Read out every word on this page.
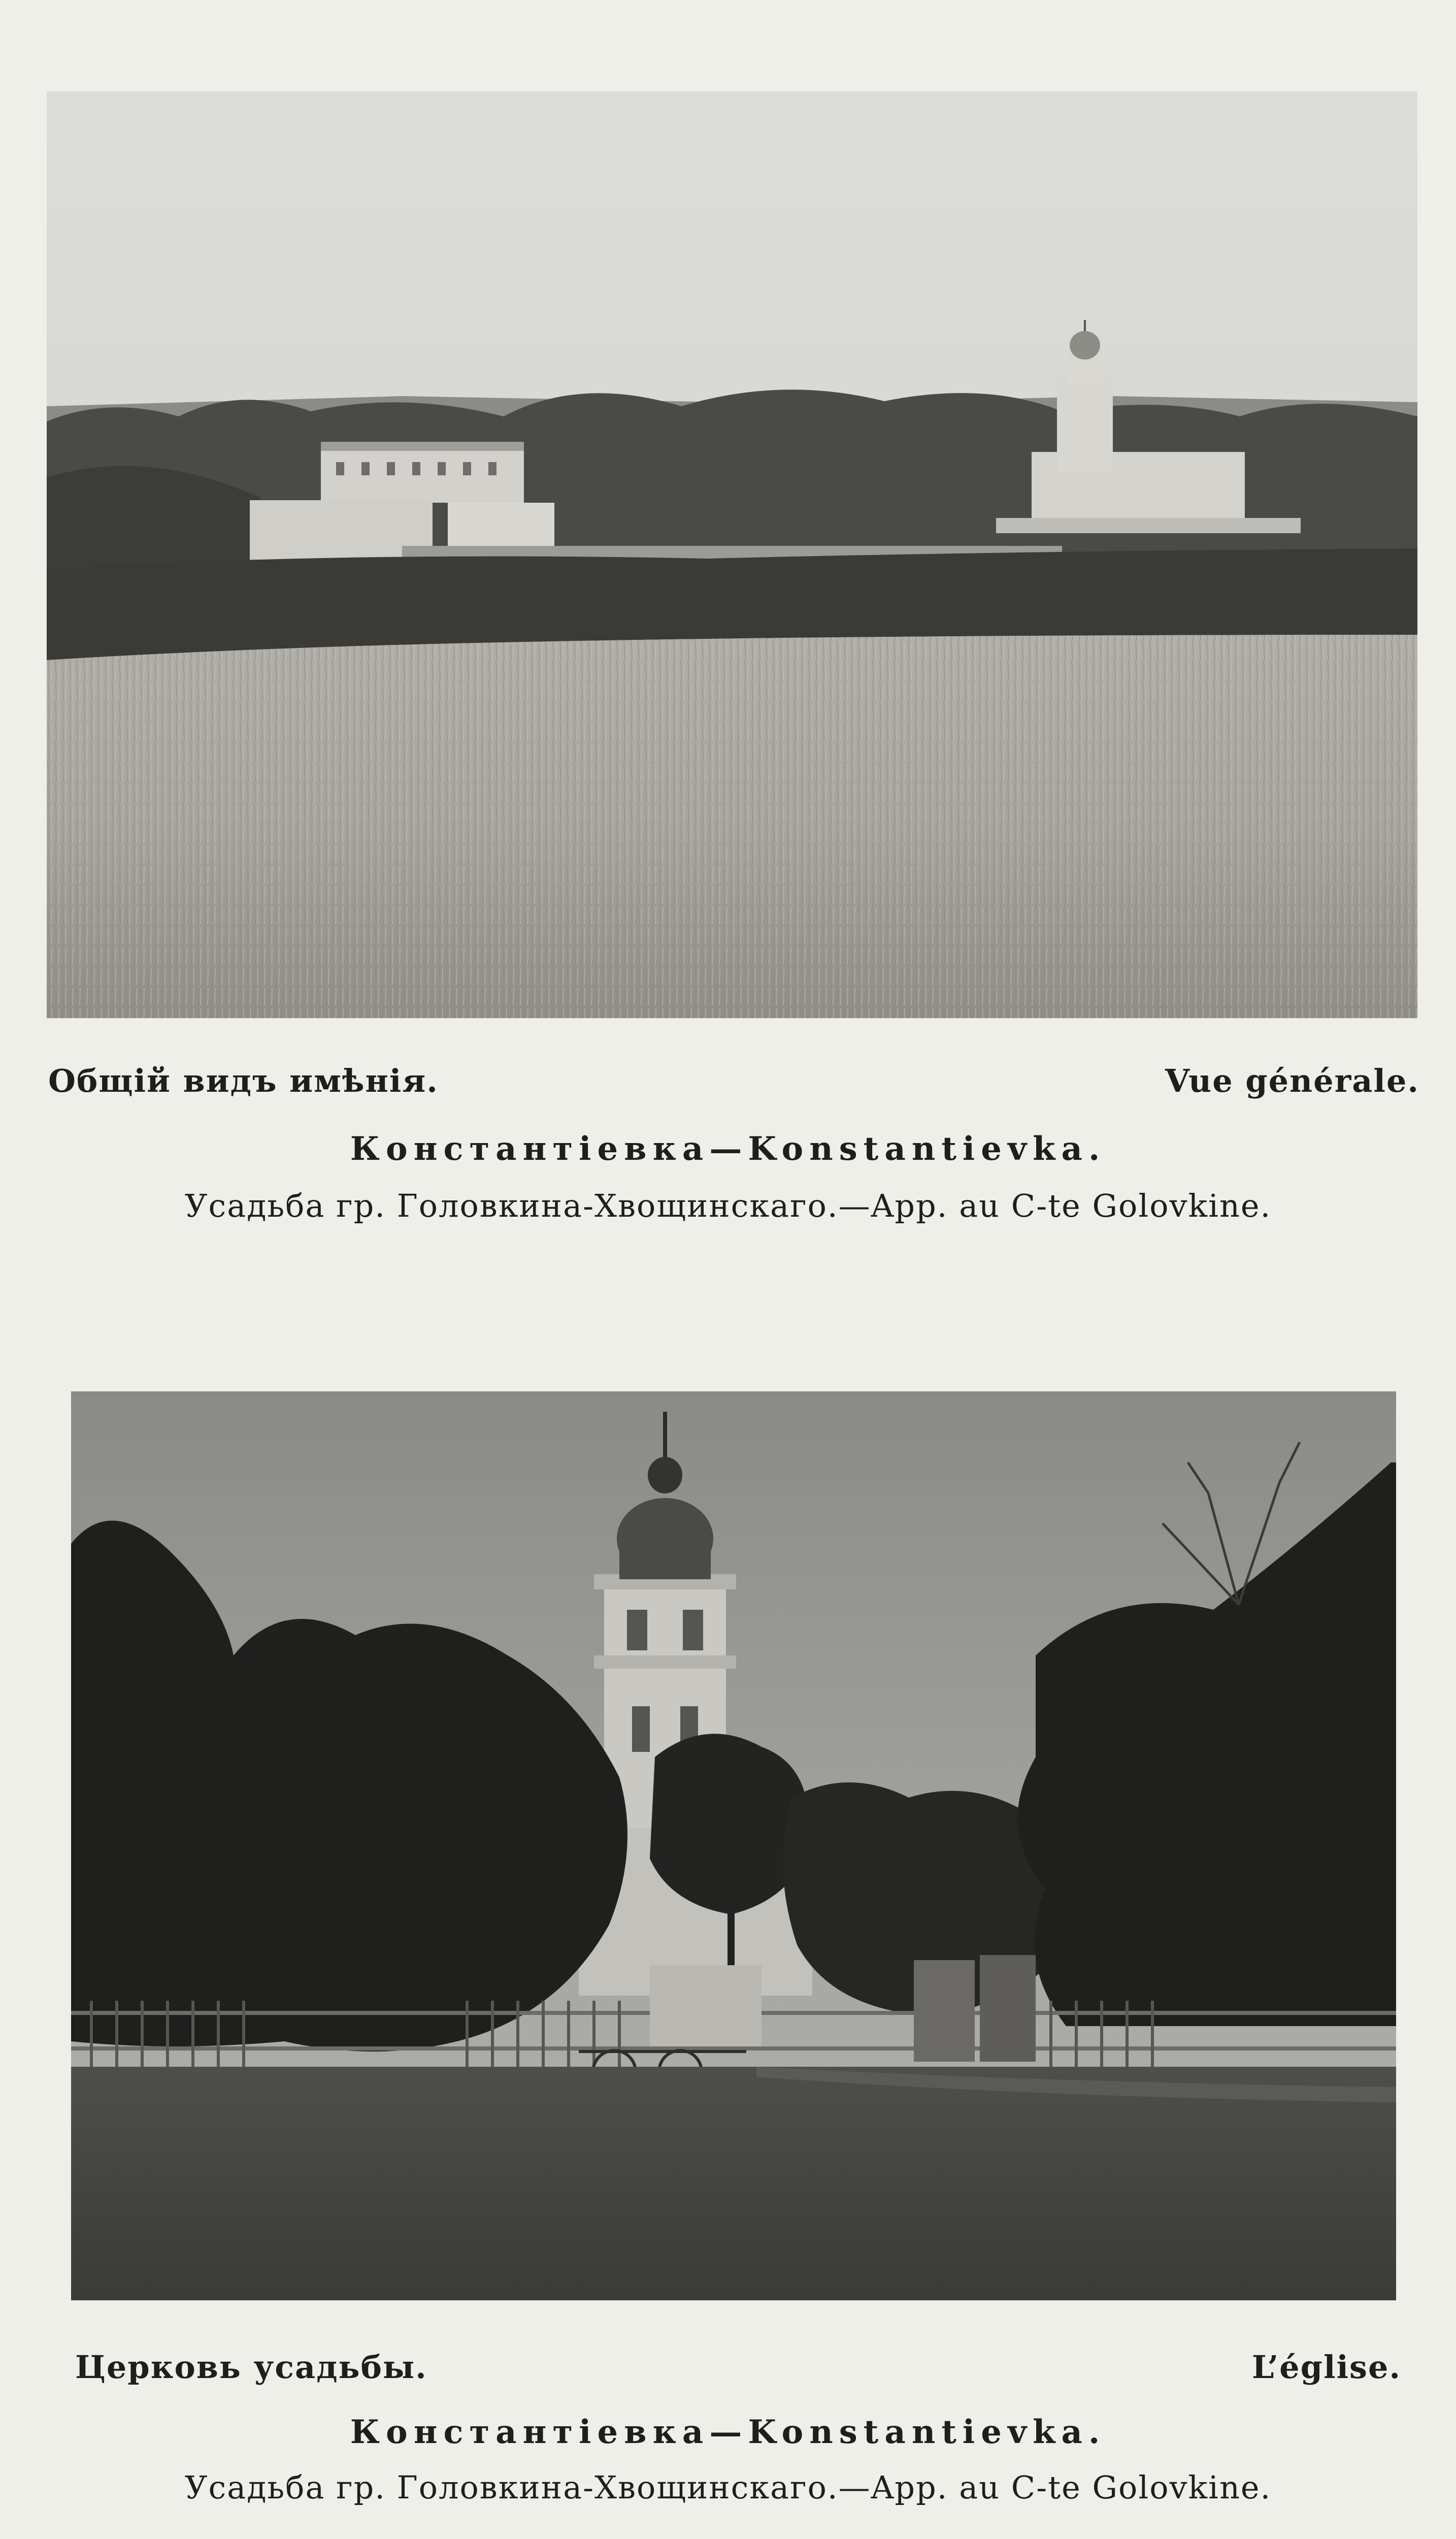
Общій видъ имѣнія.	Vue générale.
Константіевка—Konstantievka.
Усадьба гр. Головкина-Хвощинскаго.—App. au C-te Golovkine.
Церковь усадьбы.	L’église.
Константіевка—Konstantievka.
Усадьба гр. Головкина-Хвощинскаго.—App. au C-te Golovkine.
